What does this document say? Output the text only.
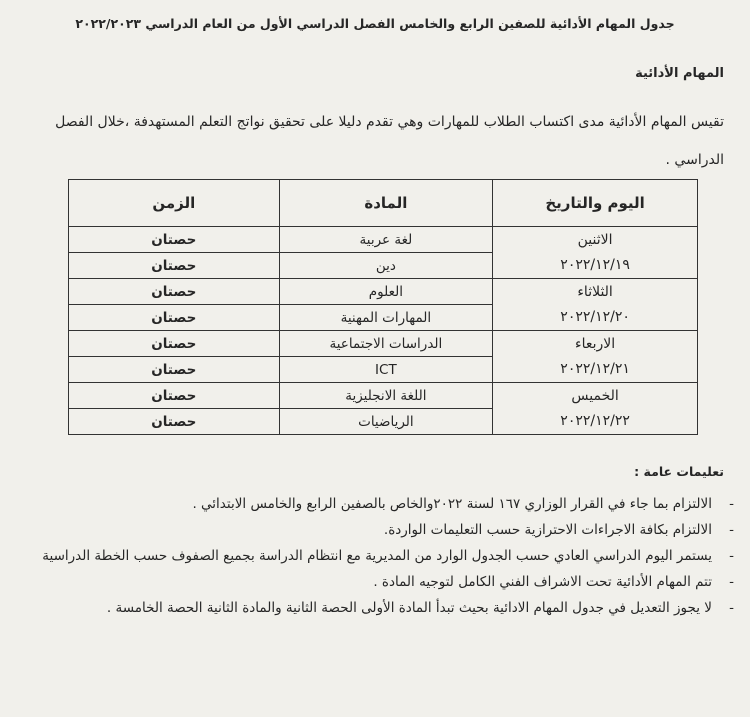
جدول المهام الأدائية للصفين الرابع والخامس الفصل الدراسي الأول من العام الدراسي ٢٠٢٢/٢٠٢٣
المهام الأدائية
تقيس المهام الأدائية مدى اكتساب الطلاب للمهارات وهي تقدم دليلا على تحقيق نواتج التعلم المستهدفة ،خلال الفصل الدراسي .
اليوم والتاريخ	المادة	الزمن

الاثنين
٢٠٢٢/١٢/١٩	لغة عربية	حصتان
	دين	حصتان

الثلاثاء
٢٠٢٢/١٢/٢٠	العلوم	حصتان
	المهارات المهنية	حصتان

الاربعاء
٢٠٢٢/١٢/٢١	الدراسات الاجتماعية	حصتان
	ICT	حصتان

الخميس
٢٠٢٢/١٢/٢٢	اللغة الانجليزية	حصتان
	الرياضيات	حصتان
تعليمات عامة :
-
الالتزام بما جاء في القرار الوزاري ١٦٧ لسنة ٢٠٢٢والخاص بالصفين الرابع والخامس الابتدائي .
-
الالتزام بكافة الاجراءات الاحترازية حسب التعليمات الواردة.
-
يستمر اليوم الدراسي العادي حسب الجدول الوارد من المديرية مع انتظام الدراسة بجميع الصفوف حسب الخطة الدراسية
-
تتم المهام الأدائية تحت الاشراف الفني الكامل لتوجيه المادة .
-
لا يجوز التعديل في جدول المهام الادائية بحيث تبدأ المادة الأولى الحصة الثانية والمادة الثانية الحصة الخامسة .
